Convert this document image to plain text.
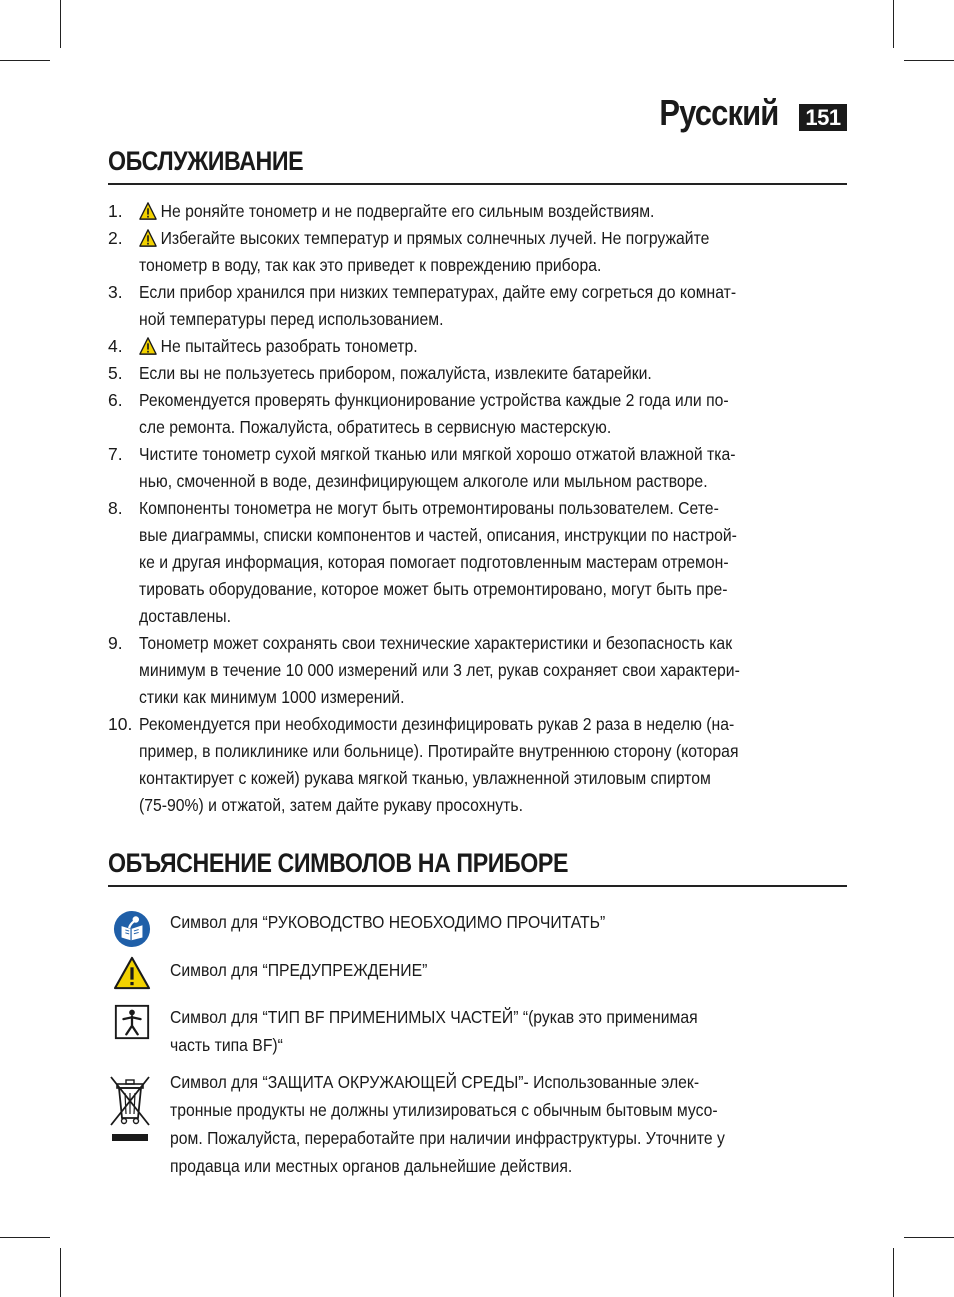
Русский 151
ОБСЛУЖИВАНИЕ
1.	Не роняйте тонометр и не подвергайте его сильным воздействиям.
2.	Избегайте высоких температур и прямых солнечных лучей. Не погружайте
тонометр в воду, так как это приведет к повреждению прибора.
3. Если прибор хранился при низких температурах, дайте ему согреться до комнат-
ной температуры перед использованием.
4.	Не пытайтесь разобрать тонометр.
5. Если вы не пользуетесь прибором, пожалуйста, извлеките батарейки.
6. Рекомендуется проверять функционирование устройства каждые 2 года или по-
сле ремонта. Пожалуйста, обратитесь в сервисную мастерскую.
7. Чистите тонометр сухой мягкой тканью или мягкой хорошо отжатой влажной тка-
нью, смоченной в воде, дезинфицирующем алкоголе или мыльном растворе.
8. Компоненты тонометра не могут быть отремонтированы пользователем. Сете-
вые диаграммы, списки компонентов и частей, описания, инструкции по настрой-
ке и другая информация, которая помогает подготовленным мастерам отремон-
тировать оборудование, которое может быть отремонтировано, могут быть пре-
доставлены.
9. Тонометр может сохранять свои технические характеристики и безопасность как
минимум в течение 10 000 измерений или 3 лет, рукав сохраняет свои характери-
стики как минимум 1000 измерений.
10. Рекомендуется при необходимости дезинфицировать рукав 2 раза в неделю (на-
пример, в поликлинике или больнице). Протирайте внутреннюю сторону (которая
контактирует с кожей) рукава мягкой тканью, увлажненной этиловым спиртом
(75-90%) и отжатой, затем дайте рукаву просохнуть.
ОБЪЯСНЕНИЕ СИМВОЛОВ НА ПРИБОРЕ
Символ для “РУКОВОДСТВО НЕОБХОДИМО ПРОЧИТАТЬ”
Символ для “ПРЕДУПРЕЖДЕНИЕ”
Символ для “ТИП BF ПРИМЕНИМЫХ ЧАСТЕЙ” “(рукав это применимая
часть типа BF)“
Символ для “ЗАЩИТА ОКРУЖАЮЩЕЙ СРЕДЫ”- Использованные элек-
тронные продукты не должны утилизироваться с обычным бытовым мусо-
ром. Пожалуйста, переработайте при наличии инфраструктуры. Уточните у
продавца или местных органов дальнейшие действия.
